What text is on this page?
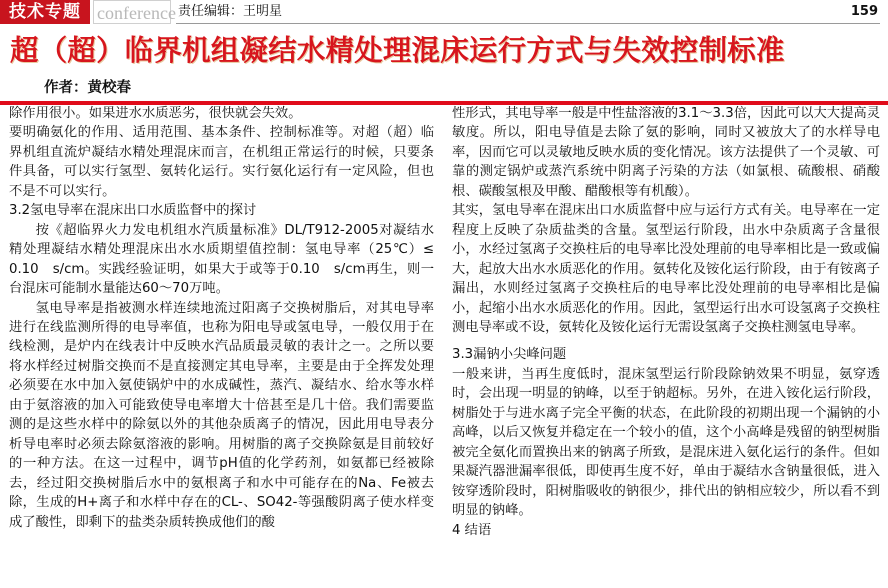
技术专题 conference 责任编辑：王明星	159
超（超）临界机组凝结水精处理混床运行方式与失效控制标准
作者：黄校春

除作用很小。如果进水水质恶劣，很快就会失效。

要明确氨化的作用、适用范围、基本条件、控制标准等。对超（超）临界机组直流炉凝结水精处理混床而言，在机组正常运行的时候，只要条件具备，可以实行氢型、氨转化运行。实行氨化运行有一定风险，但也不是不可以实行。

3.2氢电导率在混床出口水质监督中的探讨

按《超临界火力发电机组水汽质量标准》DL/T912-2005对凝结水精处理凝结水精处理混床出水水质期望值控制：氢电导率（25℃）≤ 0.10　s/cm。实践经验证明，如果大于或等于0.10　s/cm再生，则一台混床可能制水量能达60～70万吨。

氢电导率是指被测水样连续地流过阳离子交换树脂后，对其电导率进行在线监测所得的电导率值，也称为阳电导或氢电导，一般仅用于在线检测，是炉内在线表计中反映水汽品质最灵敏的表计之一。之所以要将水样经过树脂交换而不是直接测定其电导率，主要是由于全挥发处理必须要在水中加入氨使锅炉中的水成碱性，蒸汽、凝结水、给水等水样由于氨溶液的加入可能致使导电率增大十倍甚至是几十倍。我们需要监测的是这些水样中的除氨以外的其他杂质离子的情况，因此用电导表分析导电率时必须去除氨溶液的影响。用树脂的离子交换除氨是目前较好的一种方法。在这一过程中，调节pH值的化学药剂，如氨都已经被除去，经过阳交换树脂后水中的氨根离子和水中可能存在的Na、Fe被去除，生成的H+离子和水样中存在的CL-、SO42-等强酸阴离子使水样变成了酸性，即剩下的盐类杂质转换成他们的酸

性形式，其电导率一般是中性盐溶液的3.1～3.3倍，因此可以大大提高灵敏度。所以，阳电导值是去除了氨的影响，同时又被放大了的水样导电率，因而它可以灵敏地反映水质的变化情况。该方法提供了一个灵敏、可靠的测定锅炉或蒸汽系统中阴离子污染的方法（如氯根、硫酸根、硝酸根、碳酸氢根及甲酸、醋酸根等有机酸）。

其实，氢电导率在混床出口水质监督中应与运行方式有关。电导率在一定程度上反映了杂质盐类的含量。氢型运行阶段，出水中杂质离子含量很小，水经过氢离子交换柱后的电导率比没处理前的电导率相比是一致或偏大，起放大出水水质恶化的作用。氨转化及铵化运行阶段，由于有铵离子漏出，水则经过氢离子交换柱后的电导率比没处理前的电导率相比是偏小，起缩小出水水质恶化的作用。因此，氢型运行出水可设氢离子交换柱测电导率或不设，氨转化及铵化运行无需设氢离子交换柱测氢电导率。

3.3漏钠小尖峰问题

一般来讲，当再生度低时，混床氢型运行阶段除钠效果不明显，氨穿透时，会出现一明显的钠峰，以至于钠超标。另外，在进入铵化运行阶段，树脂处于与进水离子完全平衡的状态，在此阶段的初期出现一个漏钠的小高峰，以后又恢复并稳定在一个较小的值，这个小高峰是残留的钠型树脂被完全氨化而置换出来的钠离子所致，是混床进入氨化运行的条件。但如果凝汽器泄漏率很低，即使再生度不好，单由于凝结水含钠量很低，进入铵穿透阶段时，阳树脂吸收的钠很少，排代出的钠相应较少，所以看不到明显的钠峰。

4 结语
